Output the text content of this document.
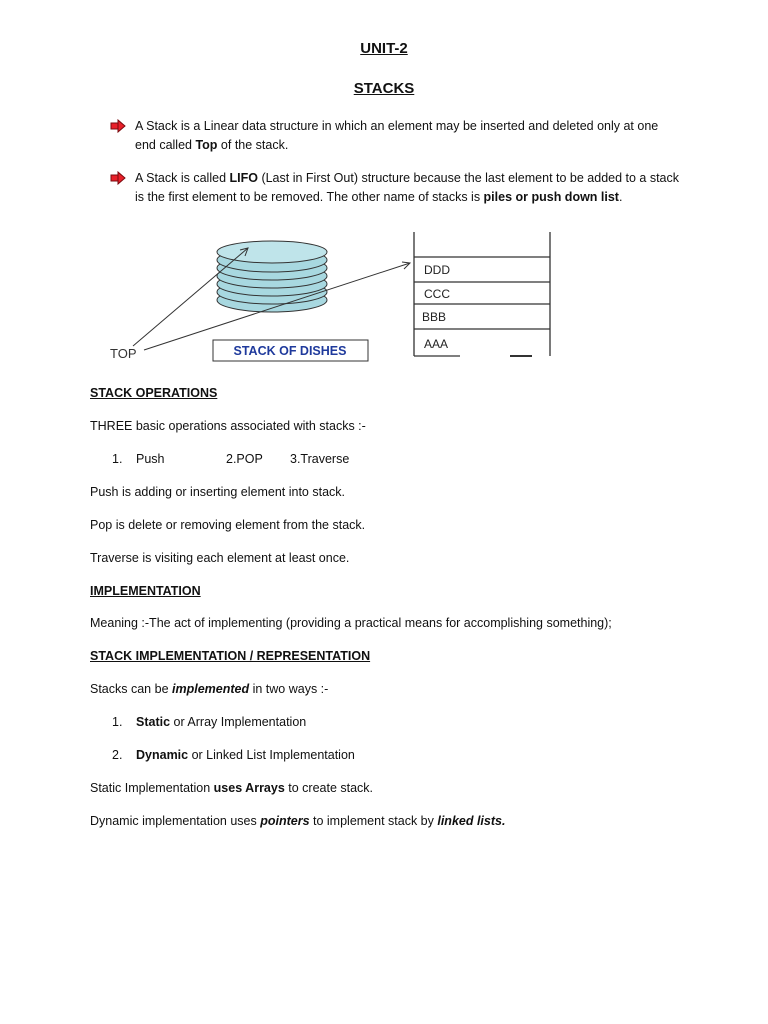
UNIT-2
STACKS
A Stack is a Linear data structure in which an element may be inserted and deleted only at one
end called Top of the stack.
A Stack is called LIFO (Last in First Out) structure because the last element to be added to a stack
is the first element to be removed. The other name of stacks is piles or push down list.
TOP	STACK OF DISHES
DDD
CCC
BBB
AAA
STACK OPERATIONS
THREE basic operations associated with stacks :-
1. Push	2.POP 3.Traverse
Push is adding or inserting element into stack.
Pop is delete or removing element from the stack.
Traverse is visiting each element at least once.
IMPLEMENTATION
Meaning :-The act of implementing (providing a practical means for accomplishing something);
STACK IMPLEMENTATION / REPRESENTATION
Stacks can be implemented in two ways :-
1. Static or Array Implementation
2. Dynamic or Linked List Implementation
Static Implementation uses Arrays to create stack.
Dynamic implementation uses pointers to implement stack by linked lists.
